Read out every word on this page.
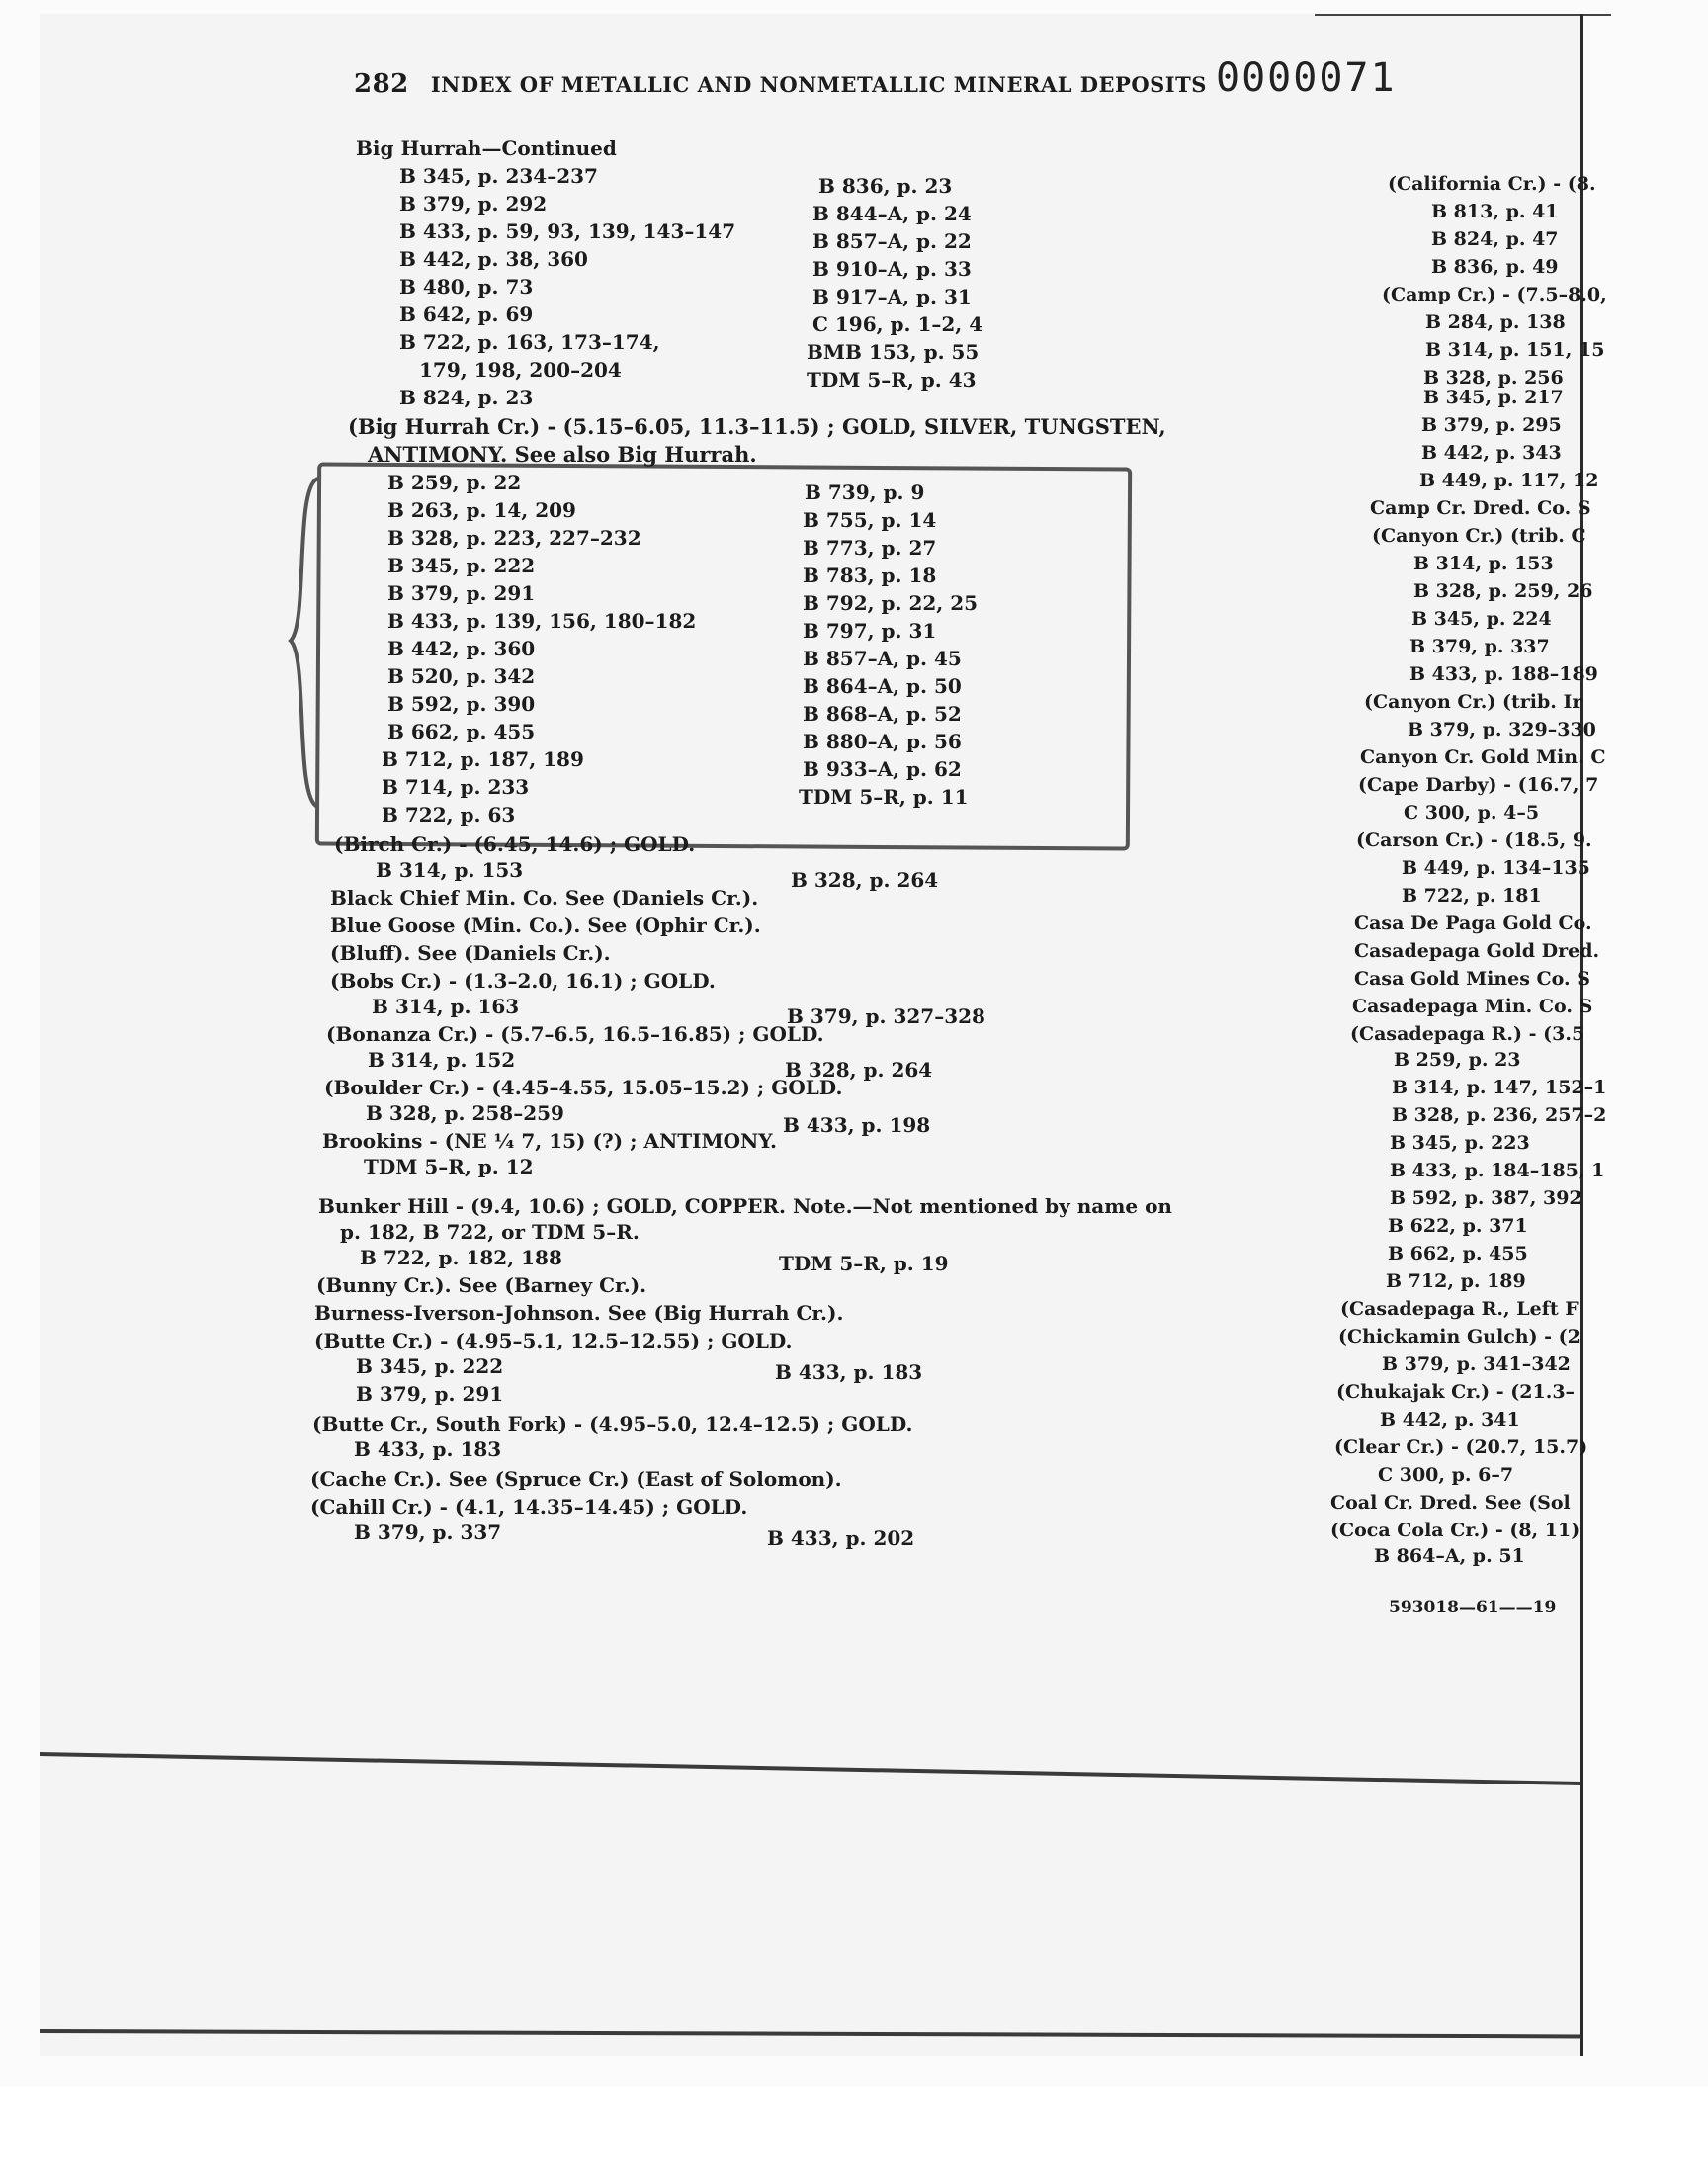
282 INDEX OF METALLIC AND NONMETALLIC MINERAL DEPOSITS 0000071
Big Hurrah—Continued
B 345, p. 234–237
B 379, p. 292
B 433, p. 59, 93, 139, 143–147
B 442, p. 38, 360
B 480, p. 73
B 642, p. 69
B 722, p. 163, 173–174,
179, 198, 200–204
B 824, p. 23
B 836, p. 23
B 844–A, p. 24
B 857–A, p. 22
B 910–A, p. 33
B 917–A, p. 31
C 196, p. 1–2, 4
BMB 153, p. 55
TDM 5–R, p. 43
(Big Hurrah Cr.) - (5.15–6.05, 11.3–11.5) ; GOLD, SILVER, TUNGSTEN,
ANTIMONY. See also Big Hurrah.
B 259, p. 22
B 263, p. 14, 209
B 328, p. 223, 227–232
B 345, p. 222
B 379, p. 291
B 433, p. 139, 156, 180–182
B 442, p. 360
B 520, p. 342
B 592, p. 390
B 662, p. 455
B 712, p. 187, 189
B 714, p. 233
B 722, p. 63
B 739, p. 9
B 755, p. 14
B 773, p. 27
B 783, p. 18
B 792, p. 22, 25
B 797, p. 31
B 857–A, p. 45
B 864–A, p. 50
B 868–A, p. 52
B 880–A, p. 56
B 933–A, p. 62
TDM 5–R, p. 11
(Birch Cr.) - (6.45, 14.6) ; GOLD.
B 314, p. 153
Black Chief Min. Co. See (Daniels Cr.).
Blue Goose (Min. Co.). See (Ophir Cr.).
(Bluff). See (Daniels Cr.).
(Bobs Cr.) - (1.3–2.0, 16.1) ; GOLD.
B 314, p. 163
(Bonanza Cr.) - (5.7–6.5, 16.5–16.85) ; GOLD.
B 314, p. 152
(Boulder Cr.) - (4.45–4.55, 15.05–15.2) ; GOLD.
B 328, p. 258–259
Brookins - (NE ¼ 7, 15) (?) ; ANTIMONY.
TDM 5–R, p. 12
Bunker Hill - (9.4, 10.6) ; GOLD, COPPER. Note.—Not mentioned by name on
p. 182, B 722, or TDM 5–R.
B 722, p. 182, 188
(Bunny Cr.). See (Barney Cr.).
Burness-Iverson-Johnson. See (Big Hurrah Cr.).
(Butte Cr.) - (4.95–5.1, 12.5–12.55) ; GOLD.
B 345, p. 222
B 379, p. 291
(Butte Cr., South Fork) - (4.95–5.0, 12.4–12.5) ; GOLD.
B 433, p. 183
(Cache Cr.). See (Spruce Cr.) (East of Solomon).
(Cahill Cr.) - (4.1, 14.35–14.45) ; GOLD.
B 379, p. 337
B 328, p. 264
B 379, p. 327–328
B 328, p. 264
B 433, p. 198
TDM 5–R, p. 19
B 433, p. 183
B 433, p. 202
(California Cr.) - (8.
B 813, p. 41
B 824, p. 47
B 836, p. 49
(Camp Cr.) - (7.5–8.0,
B 284, p. 138
B 314, p. 151, 15
B 328, p. 256
B 345, p. 217
B 379, p. 295
B 442, p. 343
B 449, p. 117, 12
Camp Cr. Dred. Co. S
(Canyon Cr.) (trib. C
B 314, p. 153
B 328, p. 259, 26
B 345, p. 224
B 379, p. 337
B 433, p. 188–189
(Canyon Cr.) (trib. Ir
B 379, p. 329–330
Canyon Cr. Gold Min. C
(Cape Darby) - (16.7, 7
C 300, p. 4–5
(Carson Cr.) - (18.5, 9.
B 449, p. 134–135
B 722, p. 181
Casa De Paga Gold Co.
Casadepaga Gold Dred.
Casa Gold Mines Co. S
Casadepaga Min. Co. S
(Casadepaga R.) - (3.5
B 259, p. 23
B 314, p. 147, 152–1
B 328, p. 236, 257–2
B 345, p. 223
B 433, p. 184–185, 1
B 592, p. 387, 392
B 622, p. 371
B 662, p. 455
B 712, p. 189
(Casadepaga R., Left F
(Chickamin Gulch) - (2
B 379, p. 341–342
(Chukajak Cr.) - (21.3–
B 442, p. 341
(Clear Cr.) - (20.7, 15.7)
C 300, p. 6–7
Coal Cr. Dred. See (Sol
(Coca Cola Cr.) - (8, 11)
B 864–A, p. 51
593018—61——19
